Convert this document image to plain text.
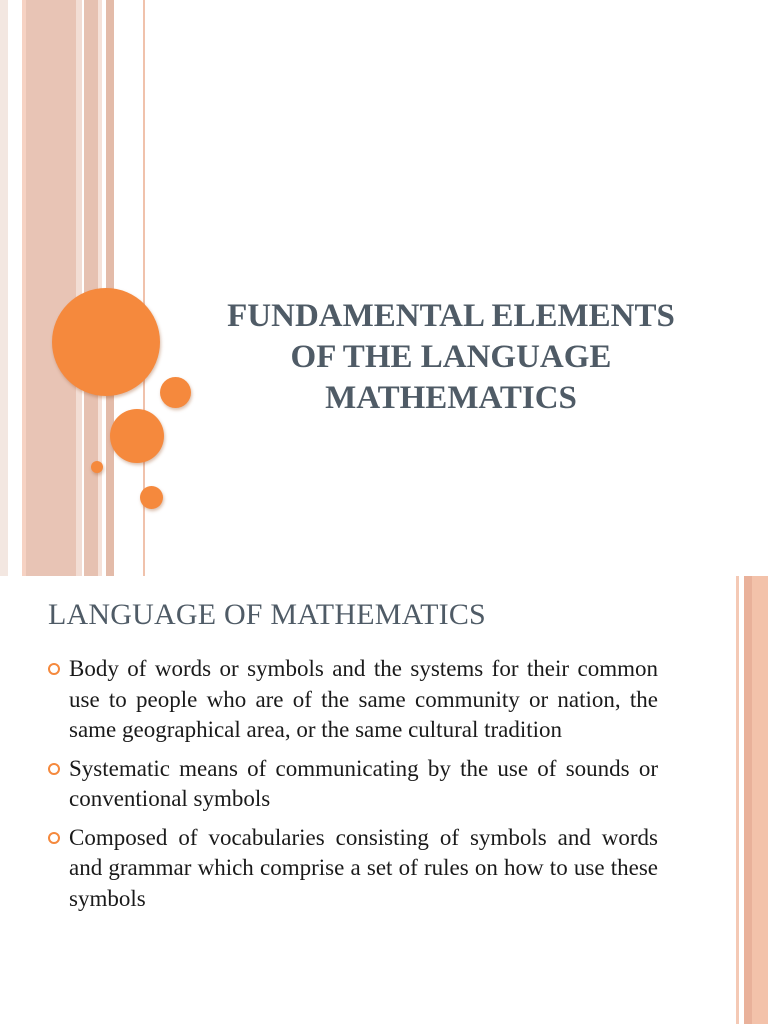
FUNDAMENTAL ELEMENTS
OF THE LANGUAGE
MATHEMATICS
LANGUAGE OF MATHEMATICS
Body of words or symbols and the systems for their common use to people who are of the same community or nation, the same geographical area, or the same cultural tradition
Systematic means of communicating by the use of sounds or conventional symbols
Composed of vocabularies consisting of symbols and words and grammar which comprise a set of rules on how to use these symbols
